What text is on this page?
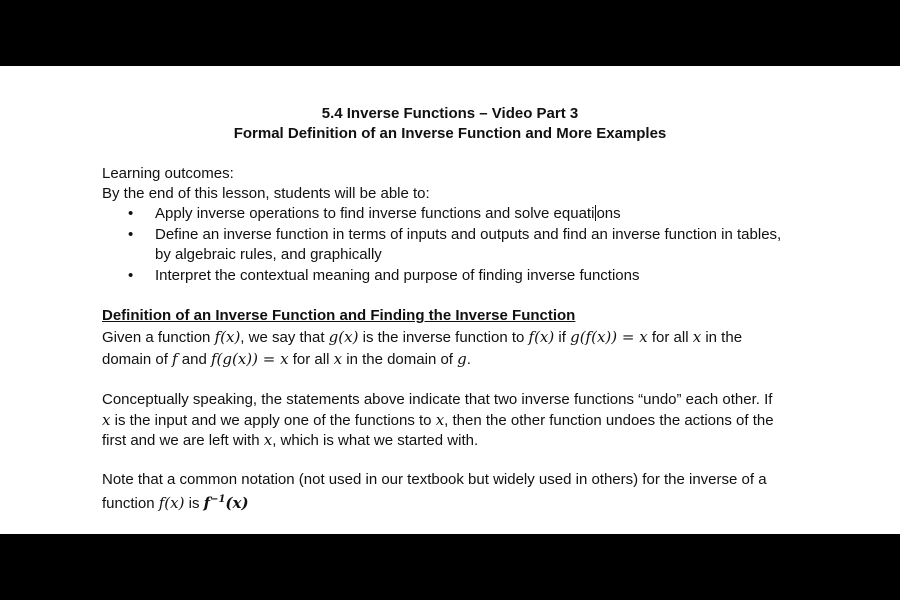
5.4 Inverse Functions – Video Part 3
Formal Definition of an Inverse Function and More Examples
Learning outcomes:
By the end of this lesson, students will be able to:
• Apply inverse operations to find inverse functions and solve equati ons
• Define an inverse function in terms of inputs and outputs and find an inverse function in tables,
by algebraic rules, and graphically
• Interpret the contextual meaning and purpose of finding inverse functions
Definition of an Inverse Function and Finding the Inverse Function
Given a function f(x), we say that g(x) is the inverse function to f(x) if g(f(x)) = x for all x in the
domain of f and f(g(x)) = x for all x in the domain of g.
Conceptually speaking, the statements above indicate that two inverse functions “undo” each other. If
x is the input and we apply one of the functions to x, then the other function undoes the actions of the
first and we are left with x, which is what we started with.
Note that a common notation (not used in our textbook but widely used in others) for the inverse of a
function f(x) is $f^{-1}(x)$
